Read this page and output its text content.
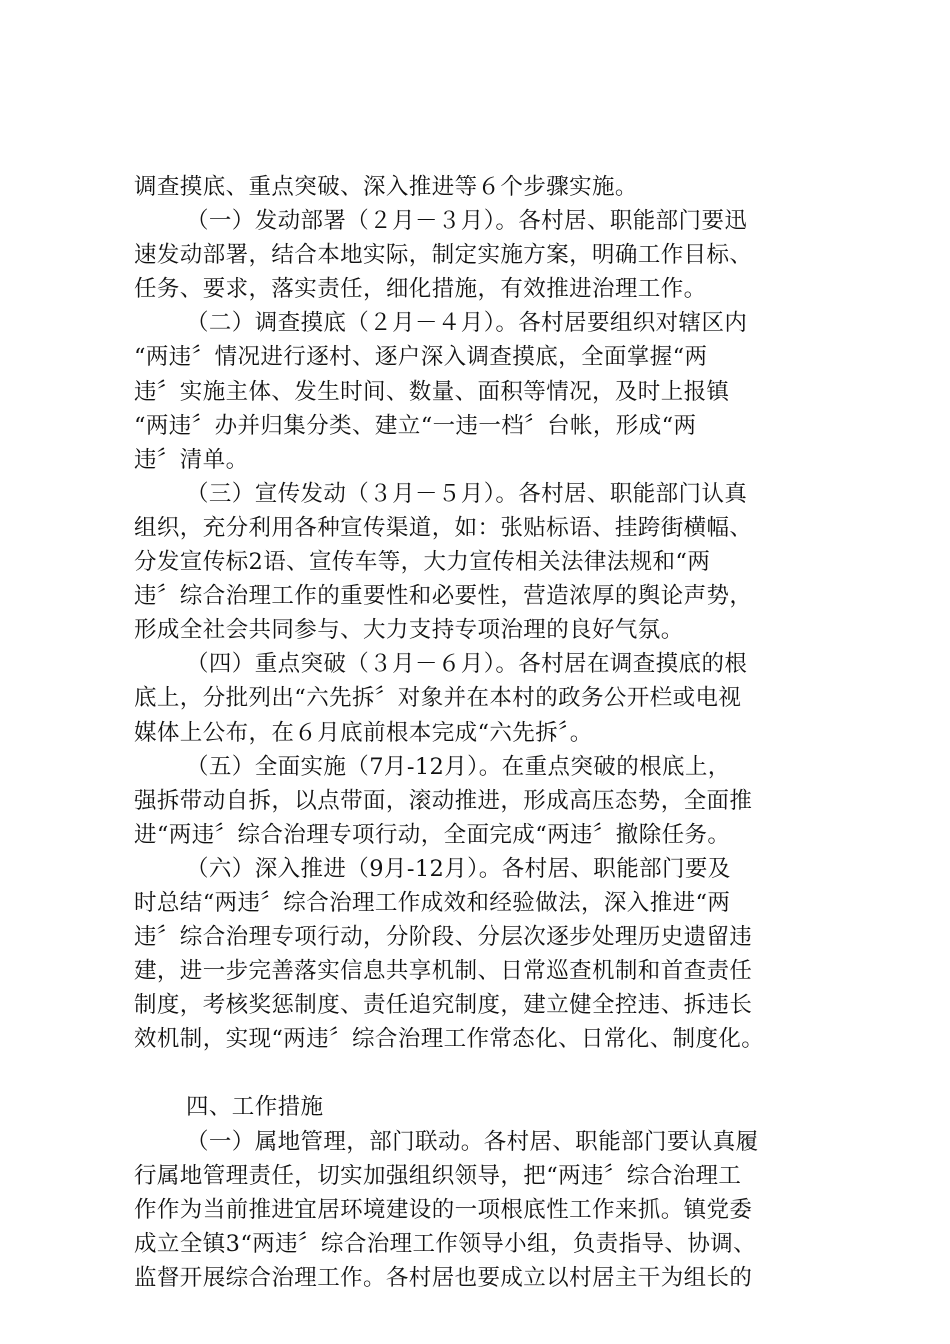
调查摸底、重点突破、深入推进等６个步骤实施。
（一）发动部署（２月－３月）。各村居、职能部门要迅
速发动部署，结合本地实际，制定实施方案，明确工作目标、
任务、要求，落实责任，细化措施，有效推进治理工作。
（二）调查摸底（２月－４月）。各村居要组织对辖区内
“两违〞情况进行逐村、逐户深入调查摸底，全面掌握“两
违〞实施主体、发生时间、数量、面积等情况，及时上报镇
“两违〞办并归集分类、建立“一违一档〞台帐，形成“两
违〞清单。
（三）宣传发动（３月－５月）。各村居、职能部门认真
组织，充分利用各种宣传渠道，如：张贴标语、挂跨街横幅、
分发宣传标2语、宣传车等，大力宣传相关法律法规和“两
违〞综合治理工作的重要性和必要性，营造浓厚的舆论声势，
形成全社会共同参与、大力支持专项治理的良好气氛。
（四）重点突破（３月－６月）。各村居在调查摸底的根
底上，分批列出“六先拆〞对象并在本村的政务公开栏或电视
媒体上公布，在６月底前根本完成“六先拆〞。
（五）全面实施（7月-12月）。在重点突破的根底上，
强拆带动自拆，以点带面，滚动推进，形成高压态势，全面推
进“两违〞综合治理专项行动，全面完成“两违〞撤除任务。
（六）深入推进（9月-12月）。各村居、职能部门要及
时总结“两违〞综合治理工作成效和经验做法，深入推进“两
违〞综合治理专项行动，分阶段、分层次逐步处理历史遗留违
建，进一步完善落实信息共享机制、日常巡查机制和首查责任
制度，考核奖惩制度、责任追究制度，建立健全控违、拆违长
效机制，实现“两违〞综合治理工作常态化、日常化、制度化。
四、工作措施
（一）属地管理，部门联动。各村居、职能部门要认真履
行属地管理责任，切实加强组织领导，把“两违〞综合治理工
作作为当前推进宜居环境建设的一项根底性工作来抓。镇党委
成立全镇3“两违〞综合治理工作领导小组，负责指导、协调、
监督开展综合治理工作。各村居也要成立以村居主干为组长的
